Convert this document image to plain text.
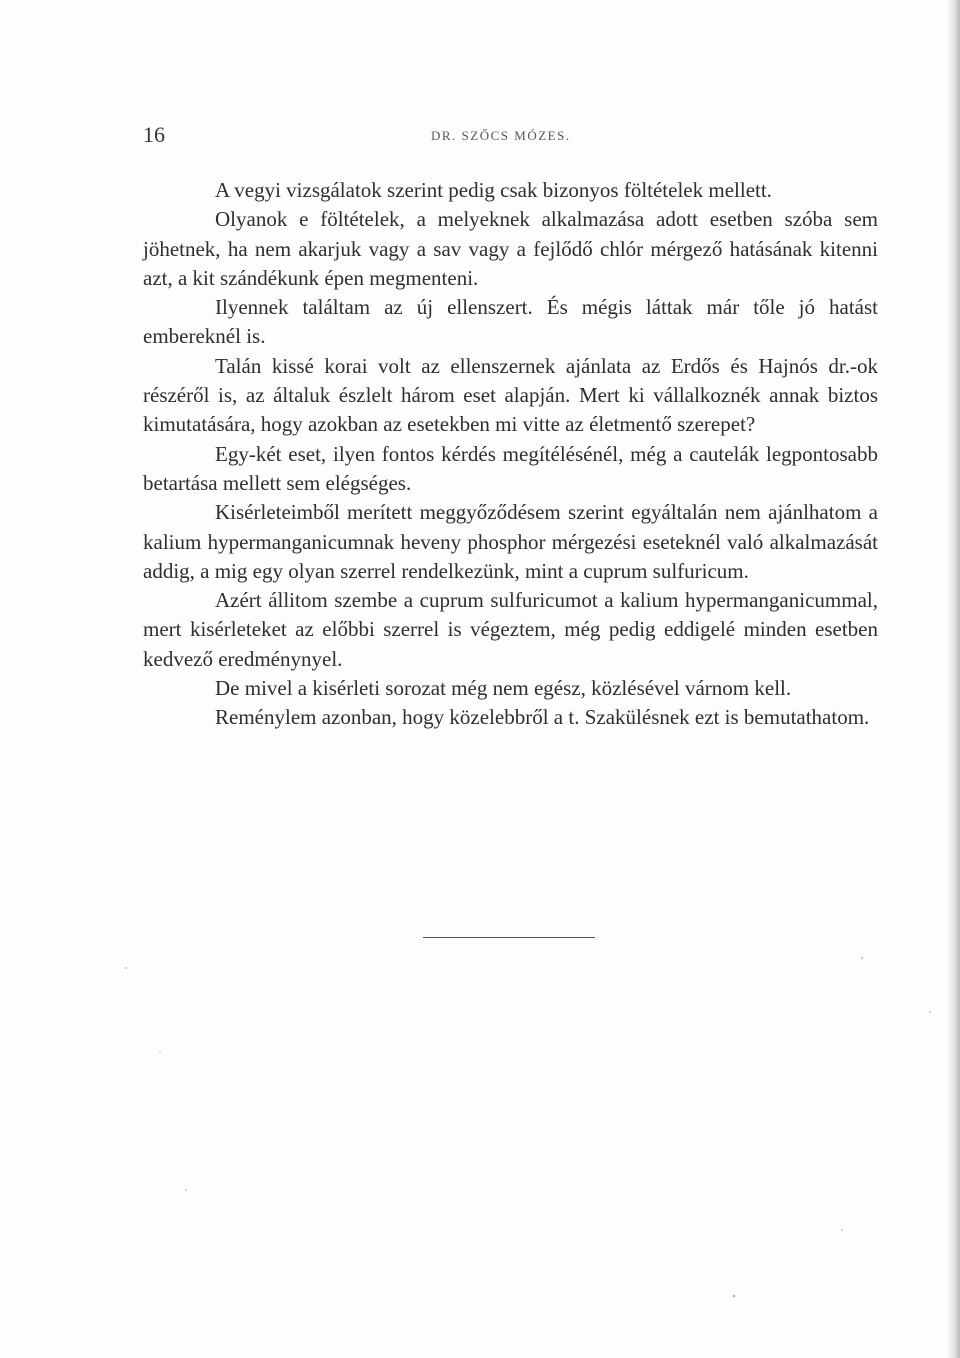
16	DR. SZŐCS MÓZES.

A vegyi vizsgálatok szerint pedig csak bizonyos föltételek mellett.

Olyanok e föltételek, a melyeknek alkalmazása adott esetben szóba sem jöhetnek, ha nem akarjuk vagy a sav vagy a fejlődő chlór mérgező hatásának kitenni azt, a kit szándékunk épen megmenteni.

Ilyennek találtam az új ellenszert. És mégis láttak már tőle jó hatást embereknél is.

Talán kissé korai volt az ellenszernek ajánlata az Erdős és Hajnós dr.-ok részéről is, az általuk észlelt három eset alapján. Mert ki vállalkoznék annak biztos kimutatására, hogy azokban az esetekben mi vitte az életmentő szerepet?

Egy-két eset, ilyen fontos kérdés megítélésénél, még a cautelák legpontosabb betartása mellett sem elégséges.

Kisérleteimből merített meggyőződésem szerint egyáltalán nem ajánlhatom a kalium hypermanganicumnak heveny phosphor mérgezési eseteknél való alkalmazását addig, a mig egy olyan szerrel rendelkezünk, mint a cuprum sulfuricum.

Azért állitom szembe a cuprum sulfuricumot a kalium hypermanganicummal, mert kisérleteket az előbbi szerrel is végeztem, még pedig eddigelé minden esetben kedvező eredménynyel.

De mivel a kisérleti sorozat még nem egész, közlésével várnom kell.

Reménylem azonban, hogy közelebbről a t. Szakülésnek ezt is bemutathatom.
